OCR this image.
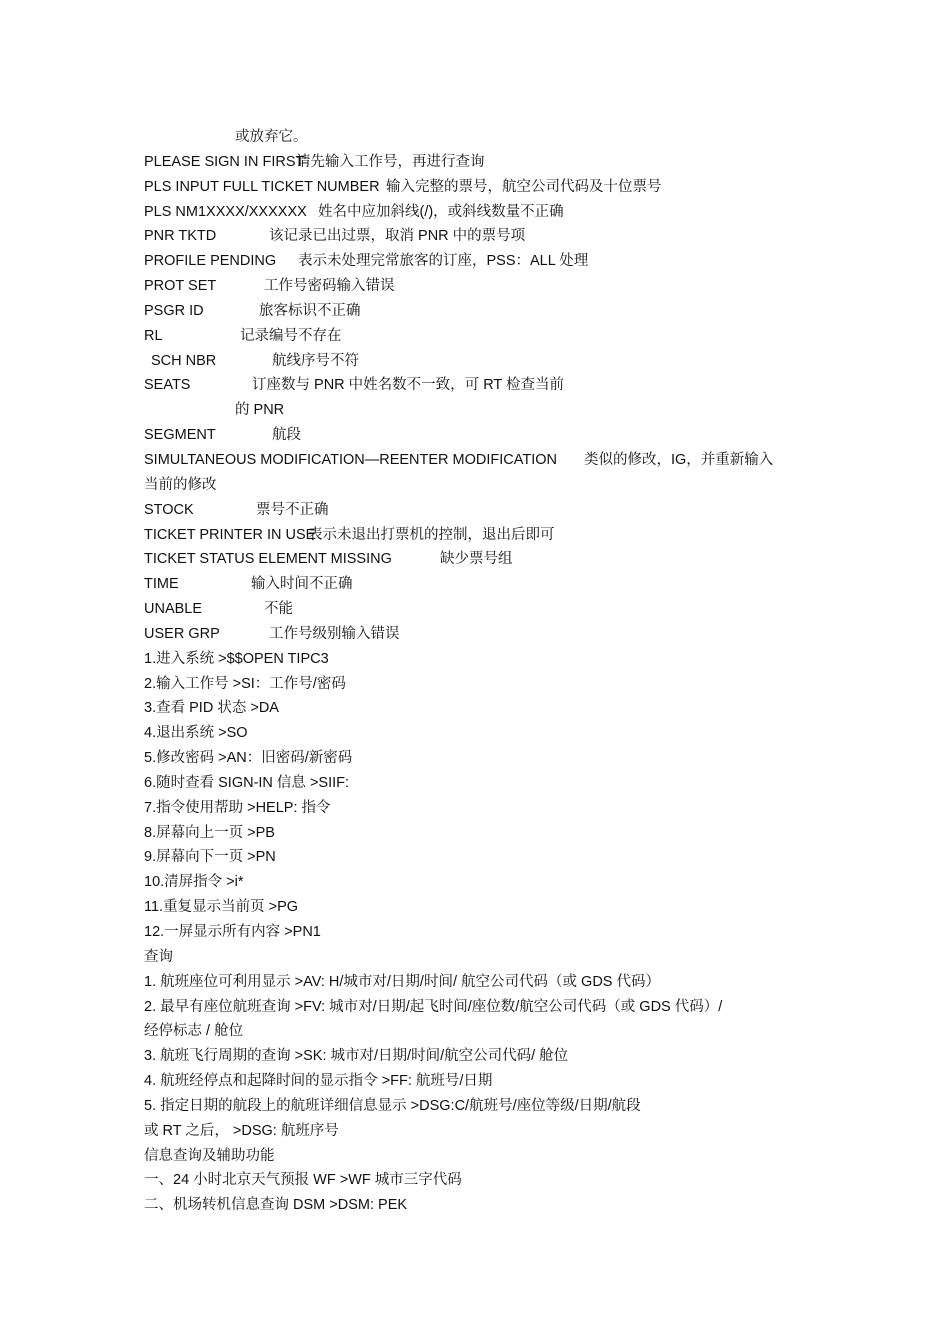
或放弃它。
PLEASE SIGN IN FIRST请先输入工作号，再进行查询
PLS INPUT FULL TICKET NUMBER 输入完整的票号，航空公司代码及十位票号
PLS NM1XXXX/XXXXXX 姓名中应加斜线(/)，或斜线数量不正确
PNR TKTD	该记录已出过票，取消 PNR 中的票号项
PROFILE PENDING 表示未处理完常旅客的订座，PSS：ALL 处理
PROT SET	工作号密码输入错误
PSGR ID	旅客标识不正确
RL	记录编号不存在
SCH NBR	航线序号不符
SEATS	订座数与 PNR 中姓名数不一致，可 RT 检查当前
的 PNR
SEGMENT	航段
SIMULTANEOUS MODIFICATION—REENTER MODIFICATION 类似的修改，IG，并重新输入
当前的修改
STOCK	票号不正确
TICKET PRINTER IN USE表示未退出打票机的控制，退出后即可
TICKET STATUS ELEMENT MISSING	缺少票号组
TIME	输入时间不正确
UNABLE	不能
USER GRP	工作号级别输入错误
1.进入系统 >$$OPEN TIPC3
2.输入工作号 >SI：工作号/密码
3.查看 PID 状态 >DA
4.退出系统 >SO
5.修改密码 >AN：旧密码/新密码
6.随时查看 SIGN-IN 信息 >SIIF:
7.指令使用帮助 >HELP: 指令
8.屏幕向上一页 >PB
9.屏幕向下一页 >PN
10.清屏指令 >i*
11.重复显示当前页 >PG
12.一屏显示所有内容 >PN1
查询
1. 航班座位可利用显示 >AV: H/城市对/日期/时间/ 航空公司代码（或 GDS 代码）
2. 最早有座位航班查询 >FV: 城市对/日期/起飞时间/座位数/航空公司代码（或 GDS 代码）/
经停标志 / 舱位
3. 航班飞行周期的查询 >SK: 城市对/日期/时间/航空公司代码/ 舱位
4. 航班经停点和起降时间的显示指令 >FF: 航班号/日期
5. 指定日期的航段上的航班详细信息显示 >DSG:C/航班号/座位等级/日期/航段
或 RT 之后， >DSG: 航班序号
信息查询及辅助功能
一、24 小时北京天气预报 WF >WF 城市三字代码
二、机场转机信息查询 DSM >DSM: PEK
